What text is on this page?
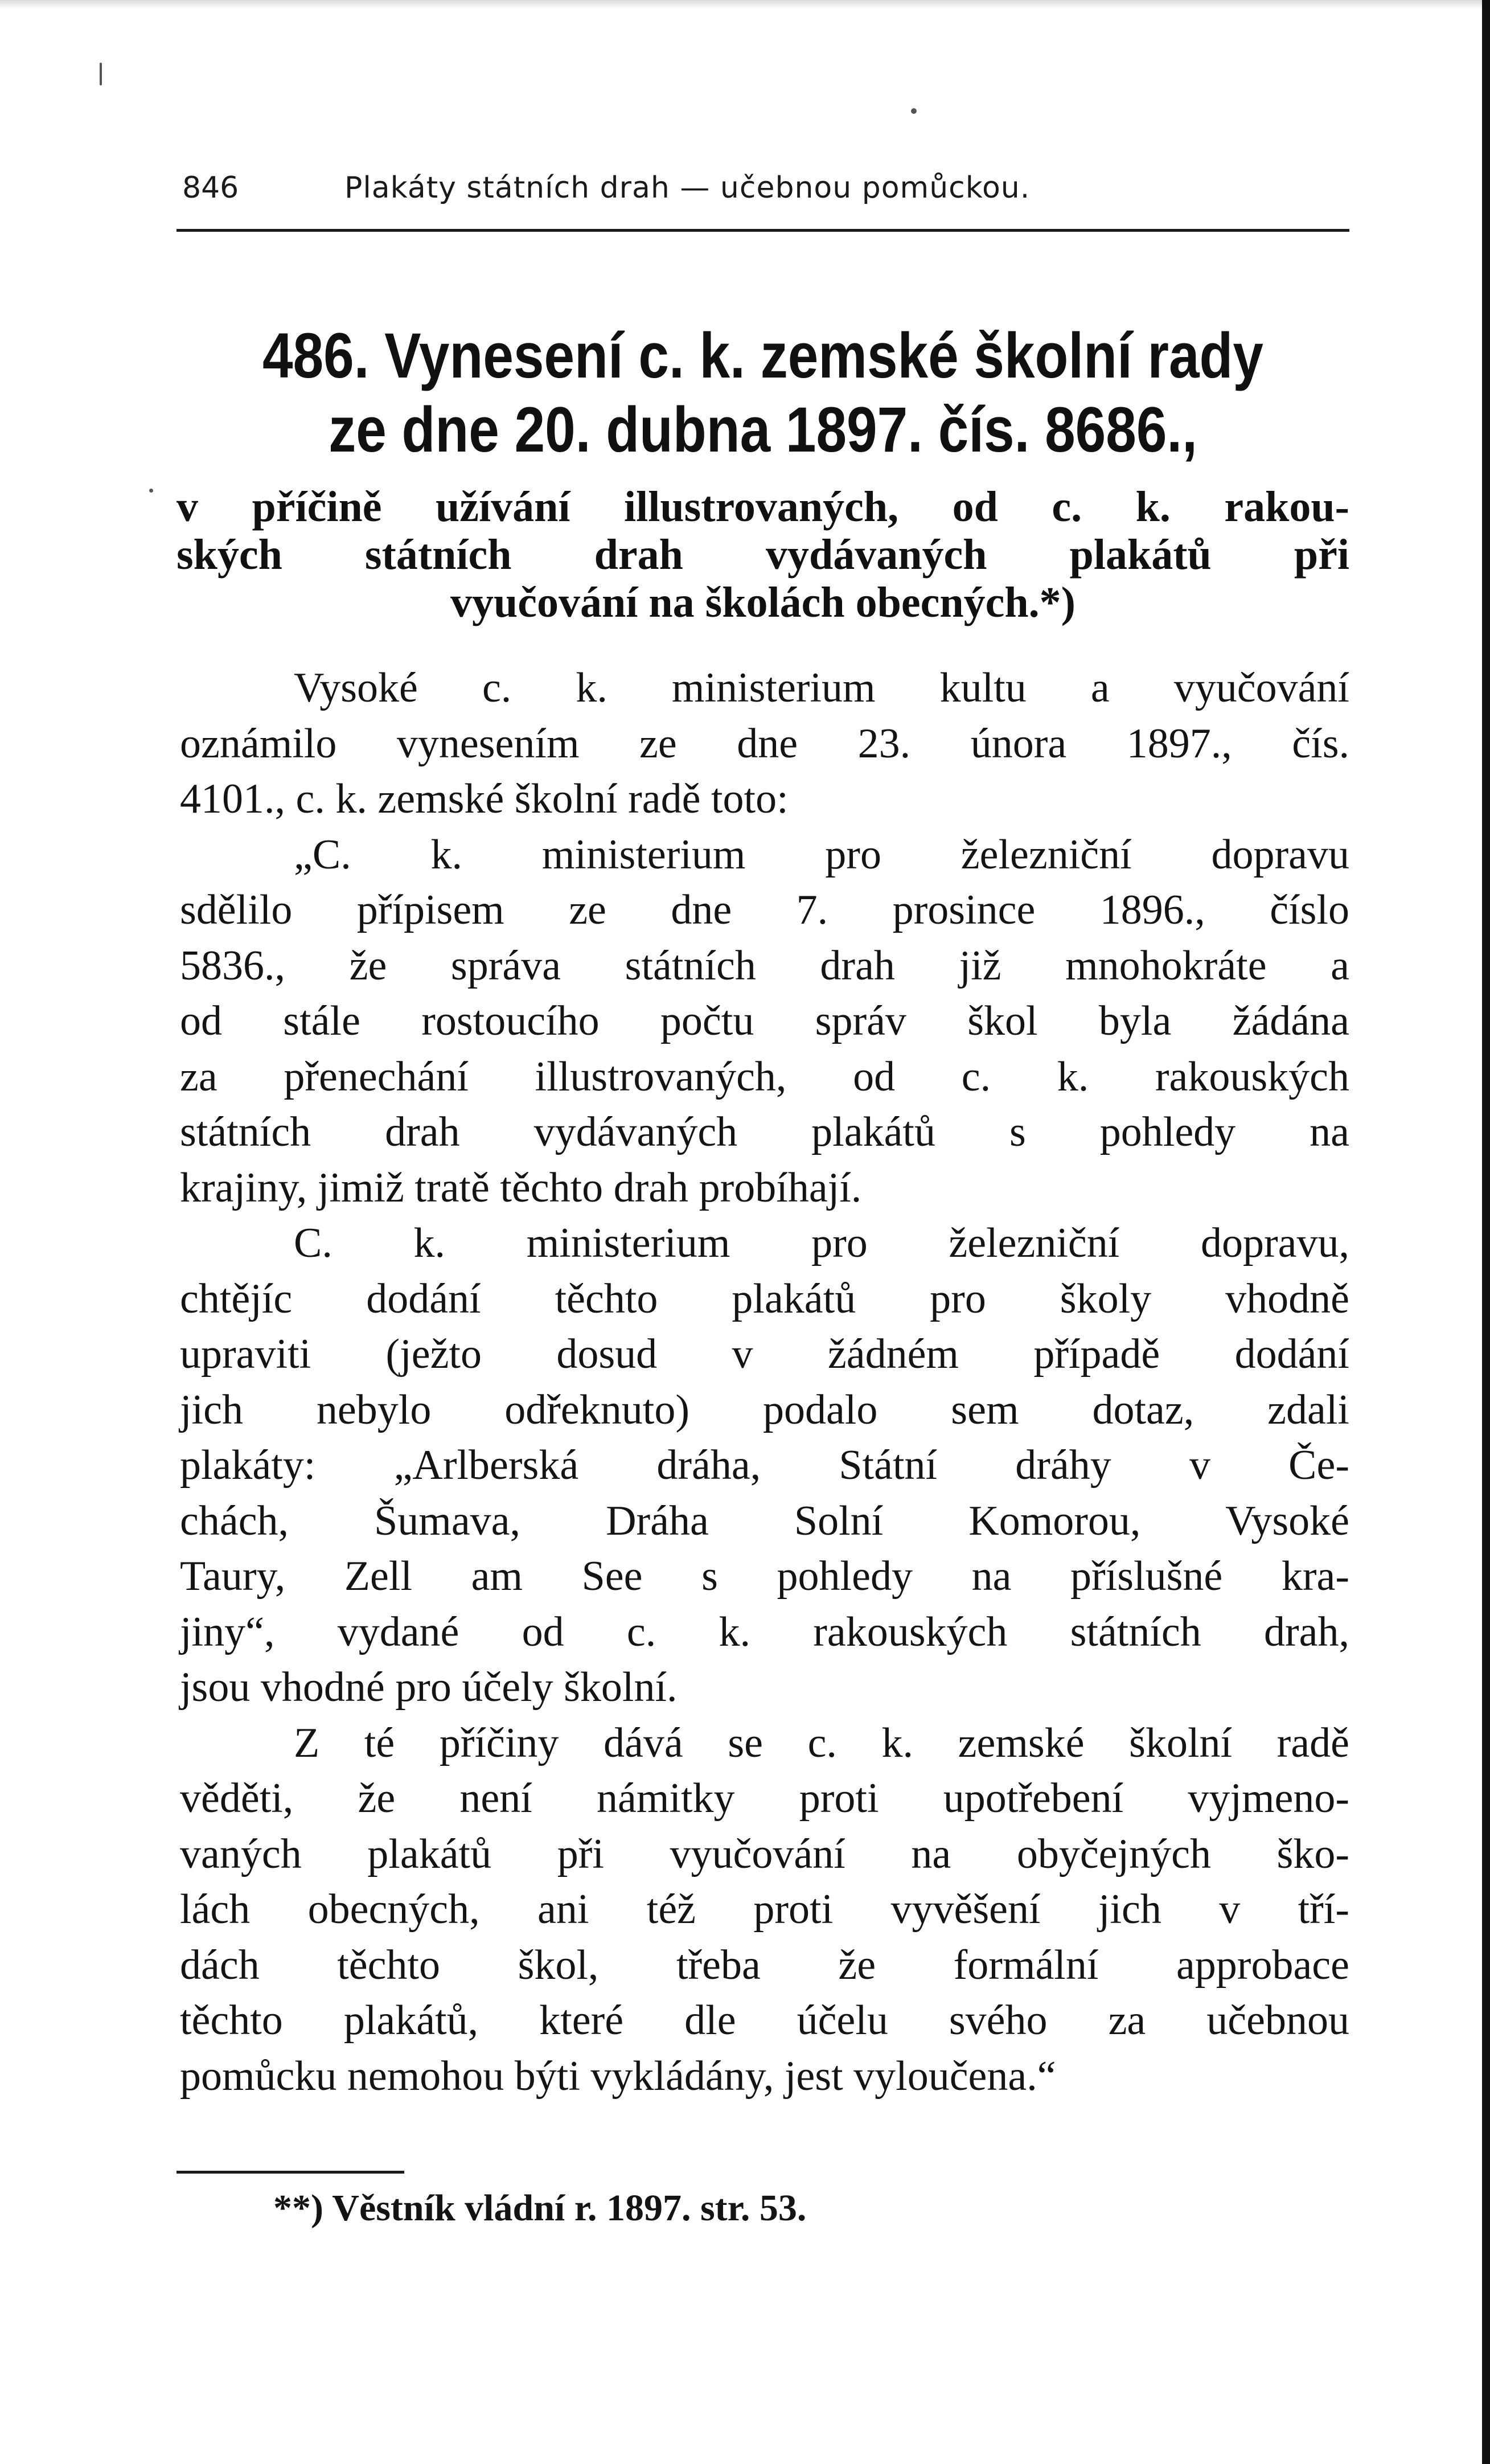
846	Plakáty státních drah — učebnou pomůckou.
486. Vynesení c. k. zemské školní rady
ze dne 20. dubna 1897. čís. 8686.,
v příčině užívání illustrovaných, od c. k. rakou-
ských státních drah vydávaných plakátů při
vyučování na školách obecných.*)
Vysoké c. k. ministerium kultu a vyučování
oznámilo vynesením ze dne 23. února 1897., čís.
4101., c. k. zemské školní radě toto:
„C. k. ministerium pro železniční dopravu
sdělilo přípisem ze dne 7. prosince 1896., číslo
5836., že správa státních drah již mnohokráte a
od stále rostoucího počtu správ škol byla žádána
za přenechání illustrovaných, od c. k. rakouských
státních drah vydávaných plakátů s pohledy na
krajiny, jimiž tratě těchto drah probíhají.
C. k. ministerium pro železniční dopravu,
chtějíc dodání těchto plakátů pro školy vhodně
upraviti (ježto dosud v žádném případě dodání
jich nebylo odřeknuto) podalo sem dotaz, zdali
plakáty: „Arlberská dráha, Státní dráhy v Če-
chách, Šumava, Dráha Solní Komorou, Vysoké
Taury, Zell am See s pohledy na příslušné kra-
jiny“, vydané od c. k. rakouských státních drah,
jsou vhodné pro účely školní.
Z té příčiny dává se c. k. zemské školní radě
věděti, že není námitky proti upotřebení vyjmeno-
vaných plakátů při vyučování na obyčejných ško-
lách obecných, ani též proti vyvěšení jich v tří-
dách těchto škol, třeba že formální approbace
těchto plakátů, které dle účelu svého za učebnou
pomůcku nemohou býti vykládány, jest vyloučena.“
**) Věstník vládní r. 1897. str. 53.
